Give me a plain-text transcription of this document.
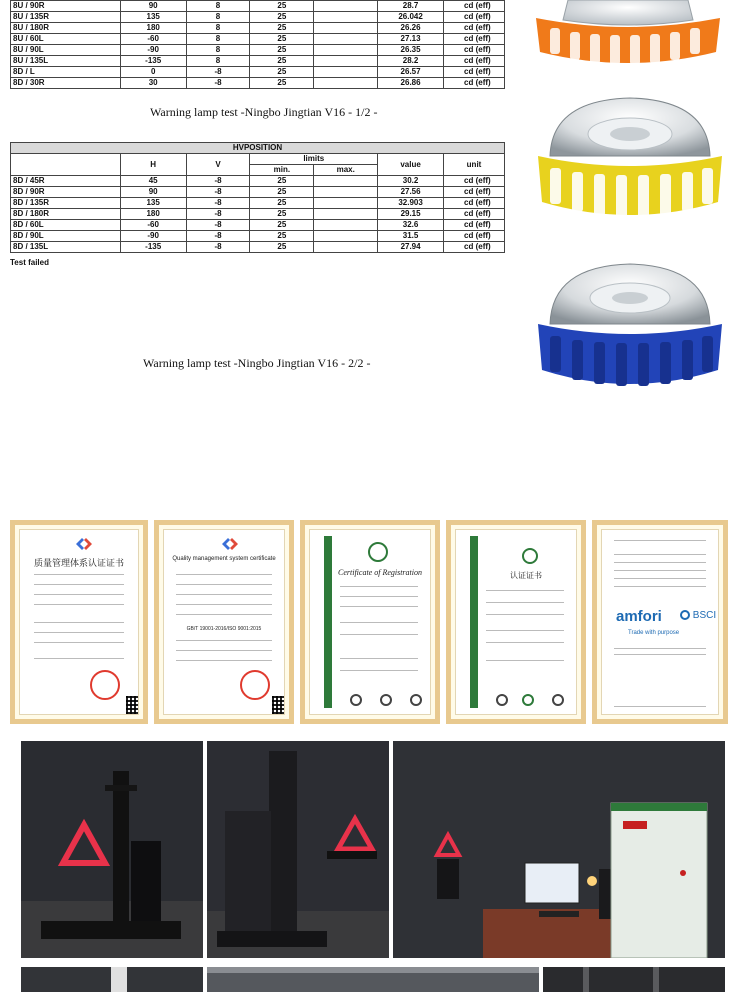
8U / 90R	90	8	25		28.7	cd (eff)
8U / 135R	135	8	25		26.042	cd (eff)
8U / 180R	180	8	25		26.26	cd (eff)
8U / 60L	-60	8	25		27.13	cd (eff)
8U / 90L	-90	8	25		26.35	cd (eff)
8U / 135L	-135	8	25		28.2	cd (eff)
8D / L	0	-8	25		26.57	cd (eff)
8D / 30R	30	-8	25		26.86	cd (eff)
Warning lamp test -Ningbo Jingtian V16 - 1/2 -
HVPOSITION						
	H	V	limits		value	unit
			min.	max.		
8D / 45R	45	-8	25		30.2	cd (eff)
8D / 90R	90	-8	25		27.56	cd (eff)
8D / 135R	135	-8	25		32.903	cd (eff)
8D / 180R	180	-8	25		29.15	cd (eff)
8D / 60L	-60	-8	25		32.6	cd (eff)
8D / 90L	-90	-8	25		31.5	cd (eff)
8D / 135L	-135	-8	25		27.94	cd (eff)
Test failed
Warning lamp test -Ningbo Jingtian V16 - 2/2 -
质量管理体系认证证书	Quality management system certificate
GB/T 19001-2016/ISO 9001:2015
Certificate of Registration	认证证书
amfori	BSCI
Trade with purpose
